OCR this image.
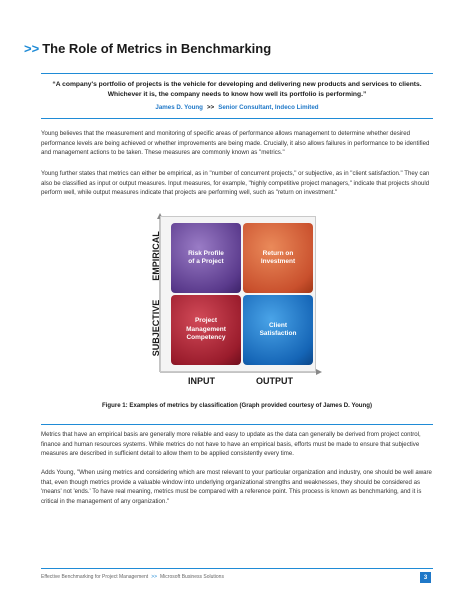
>> The Role of Metrics in Benchmarking

“A company's portfolio of projects is the vehicle for developing and delivering new products and services to clients. Whichever it is, the company needs to know how well its portfolio is performing.”

James D. Young >> Senior Consultant, Indeco Limited

Young believes that the measurement and monitoring of specific areas of performance allows management to determine whether desired performance levels are being achieved or whether improvements are being made. Crucially, it also allows failures in performance to be identified and management actions to be taken. These measures are commonly known as "metrics."

Young further states that metrics can either be empirical, as in "number of concurrent projects," or subjective, as in "client satisfaction." They can also be classified as input or output measures. Input measures, for example, "highly competitive project managers," indicate that projects should perform well, while output measures indicate that projects are performing well, such as "return on investment."

Risk Profile
of a Project
Return on
Investment
Project
Management
Competency
Client
Satisfaction
EMPIRICAL
SUBJECTIVE
INPUT	OUTPUT

Figure 1: Examples of metrics by classification (Graph provided courtesy of James D. Young)

Metrics that have an empirical basis are generally more reliable and easy to update as the data can generally be derived from project control, finance and human resources systems. While metrics do not have to have an empirical basis, efforts must be made to ensure that subjective measures are described in sufficient detail to allow them to be applied consistently every time.

Adds Young, "When using metrics and considering which are most relevant to your particular organization and industry, one should be well aware that, even though metrics provide a valuable window into underlying organizational strengths and weaknesses, they should be considered as 'means' not 'ends.' To have real meaning, metrics must be compared with a reference point. This process is known as benchmarking, and it is critical in the management of any organization."

Effective Benchmarking for Project Management >> Microsoft Business Solutions	3
